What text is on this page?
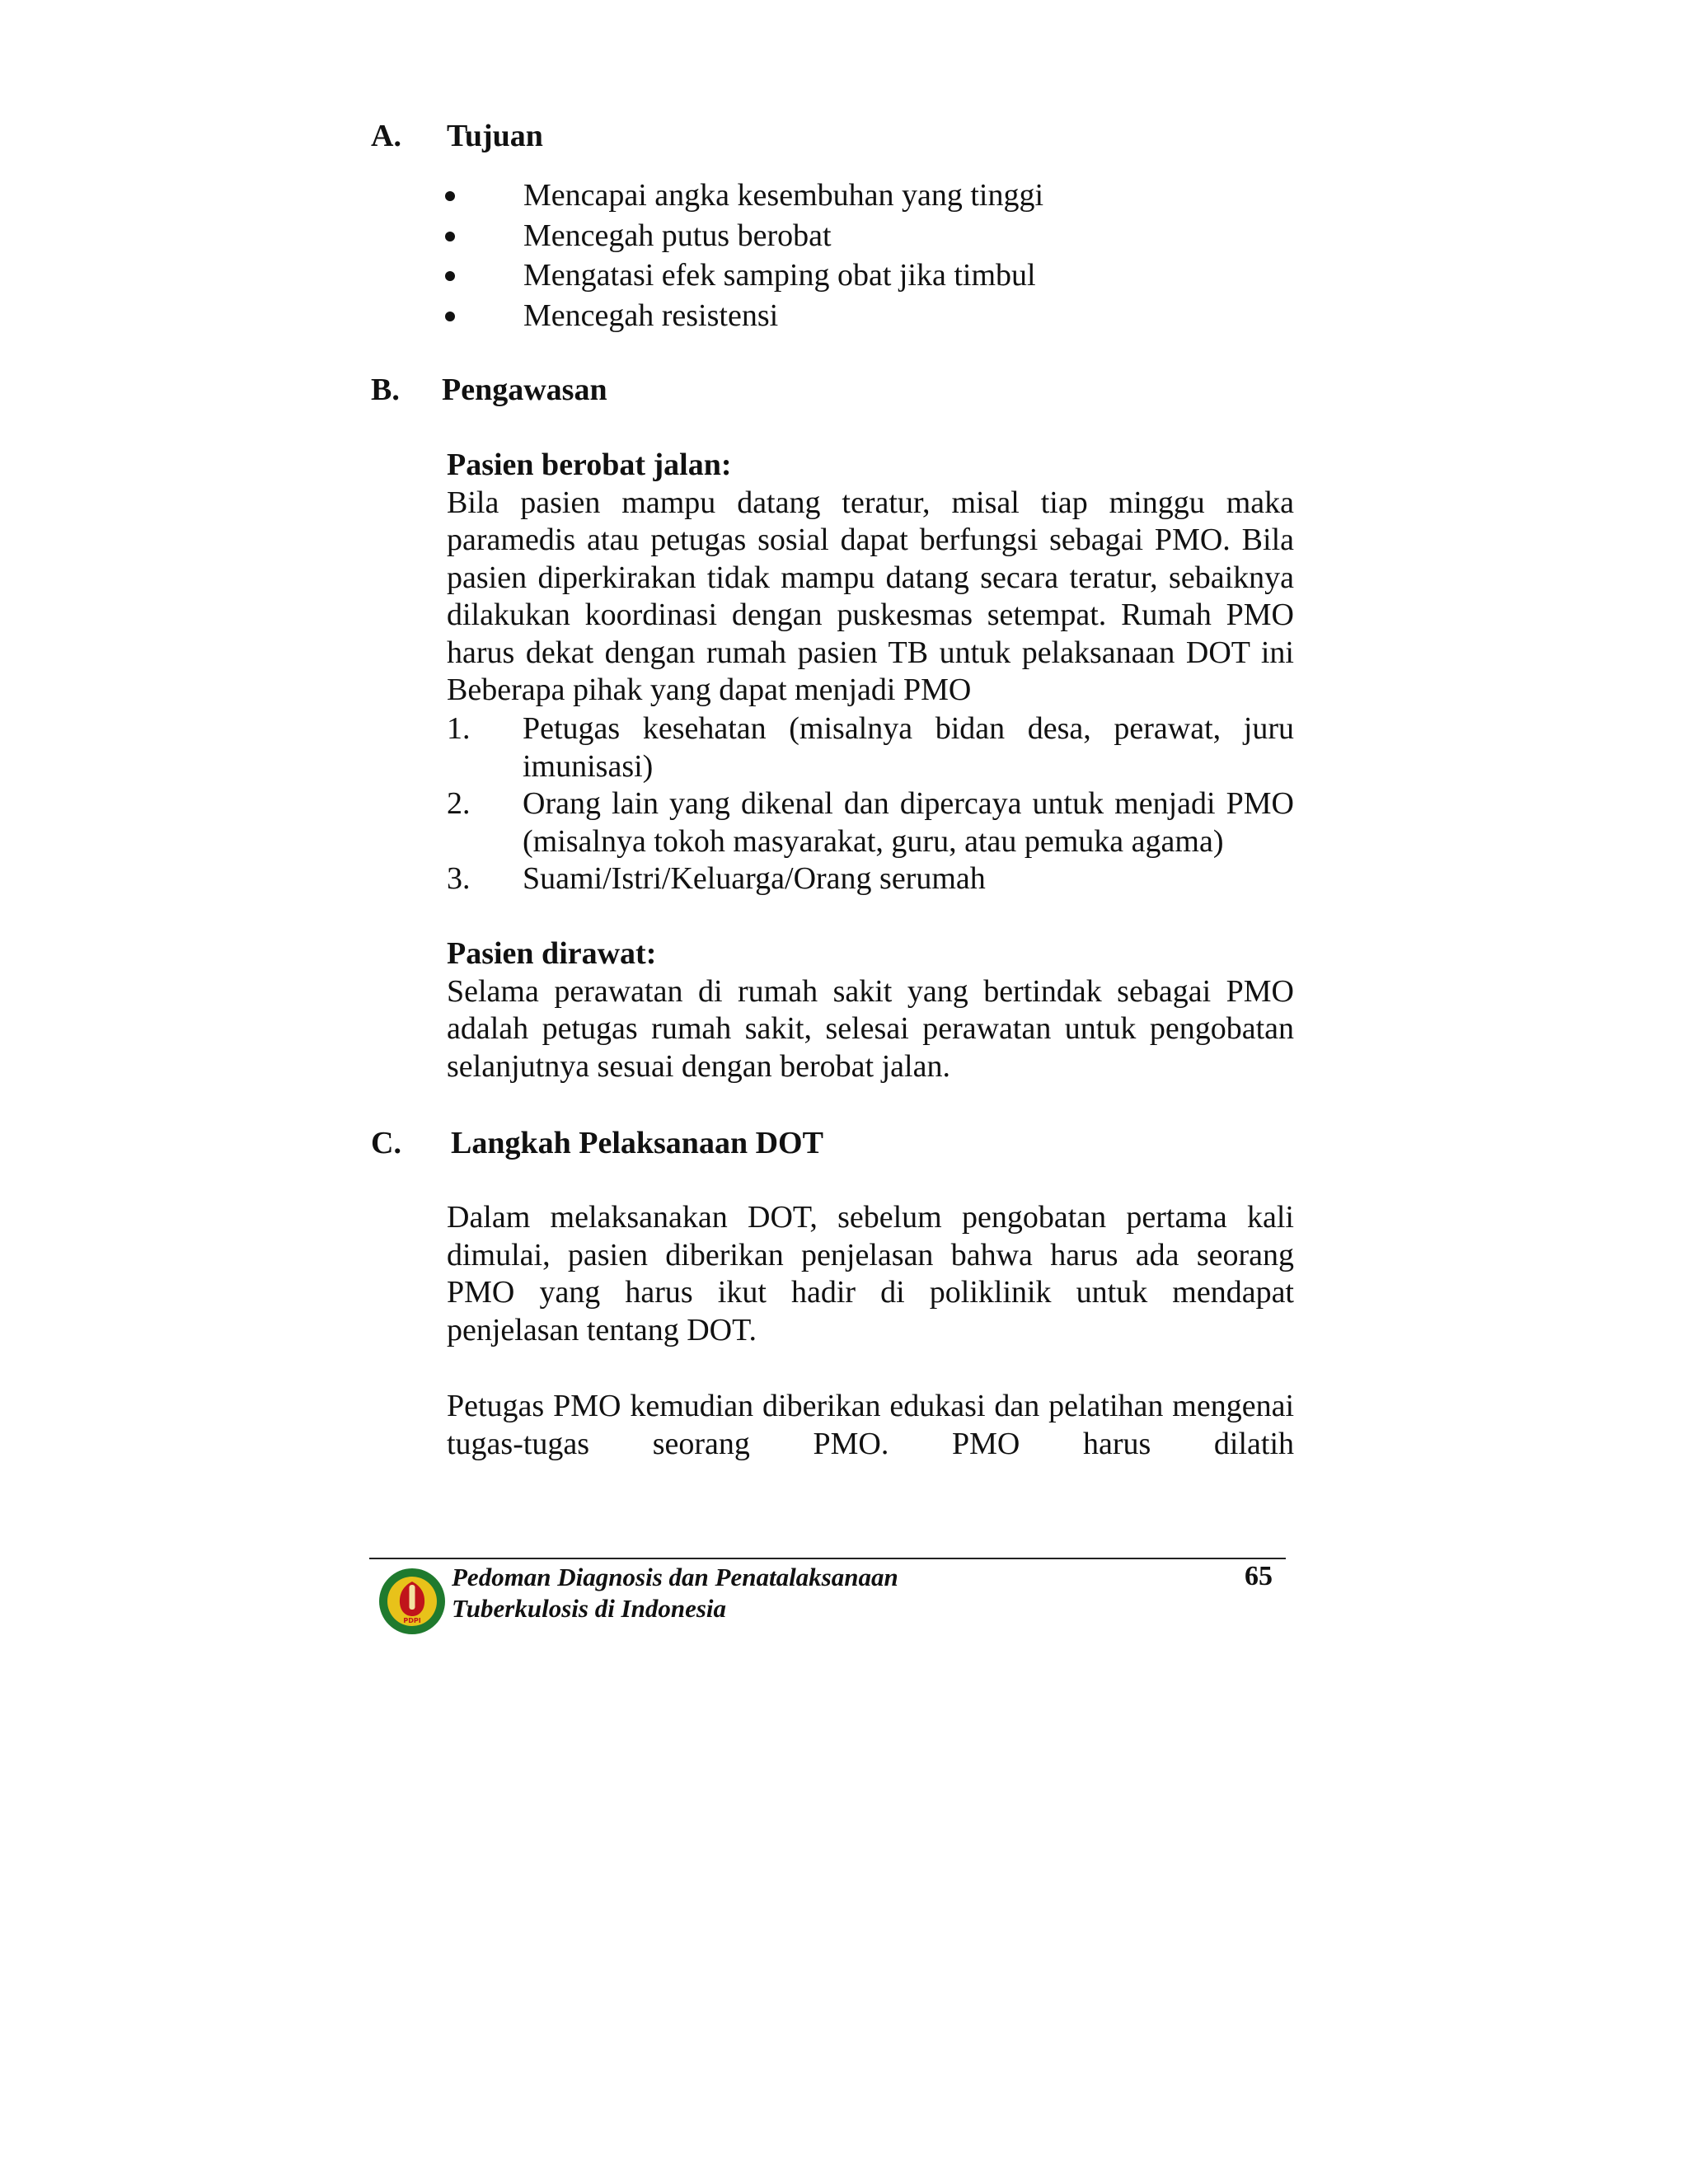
A. Tujuan
Mencapai angka kesembuhan yang tinggi
Mencegah putus berobat
Mengatasi efek samping obat jika timbul
Mencegah resistensi
B. Pengawasan
Pasien berobat jalan:
Bila pasien mampu datang teratur, misal tiap minggu maka paramedis atau petugas sosial dapat berfungsi sebagai PMO. Bila pasien diperkirakan tidak mampu datang secara teratur, sebaiknya dilakukan koordinasi dengan puskesmas setempat. Rumah PMO harus dekat dengan rumah pasien TB untuk pelaksanaan DOT ini Beberapa pihak yang dapat menjadi PMO
1. Petugas kesehatan (misalnya bidan desa, perawat, juru imunisasi)
2. Orang lain yang dikenal dan dipercaya untuk menjadi PMO (misalnya tokoh masyarakat, guru, atau pemuka agama)
3. Suami/Istri/Keluarga/Orang serumah
Pasien dirawat:
Selama perawatan di rumah sakit yang bertindak sebagai PMO adalah petugas rumah sakit, selesai perawatan untuk pengobatan selanjutnya sesuai dengan berobat jalan.
C. Langkah Pelaksanaan DOT
Dalam melaksanakan DOT, sebelum pengobatan pertama kali dimulai, pasien diberikan penjelasan bahwa harus ada seorang PMO yang harus ikut hadir di poliklinik untuk mendapat penjelasan tentang DOT.
Petugas PMO kemudian diberikan edukasi dan pelatihan mengenai tugas-tugas seorang PMO. PMO harus dilatih
PDPI
Pedoman Diagnosis dan Penatalaksanaan
Tuberkulosis di Indonesia
65
